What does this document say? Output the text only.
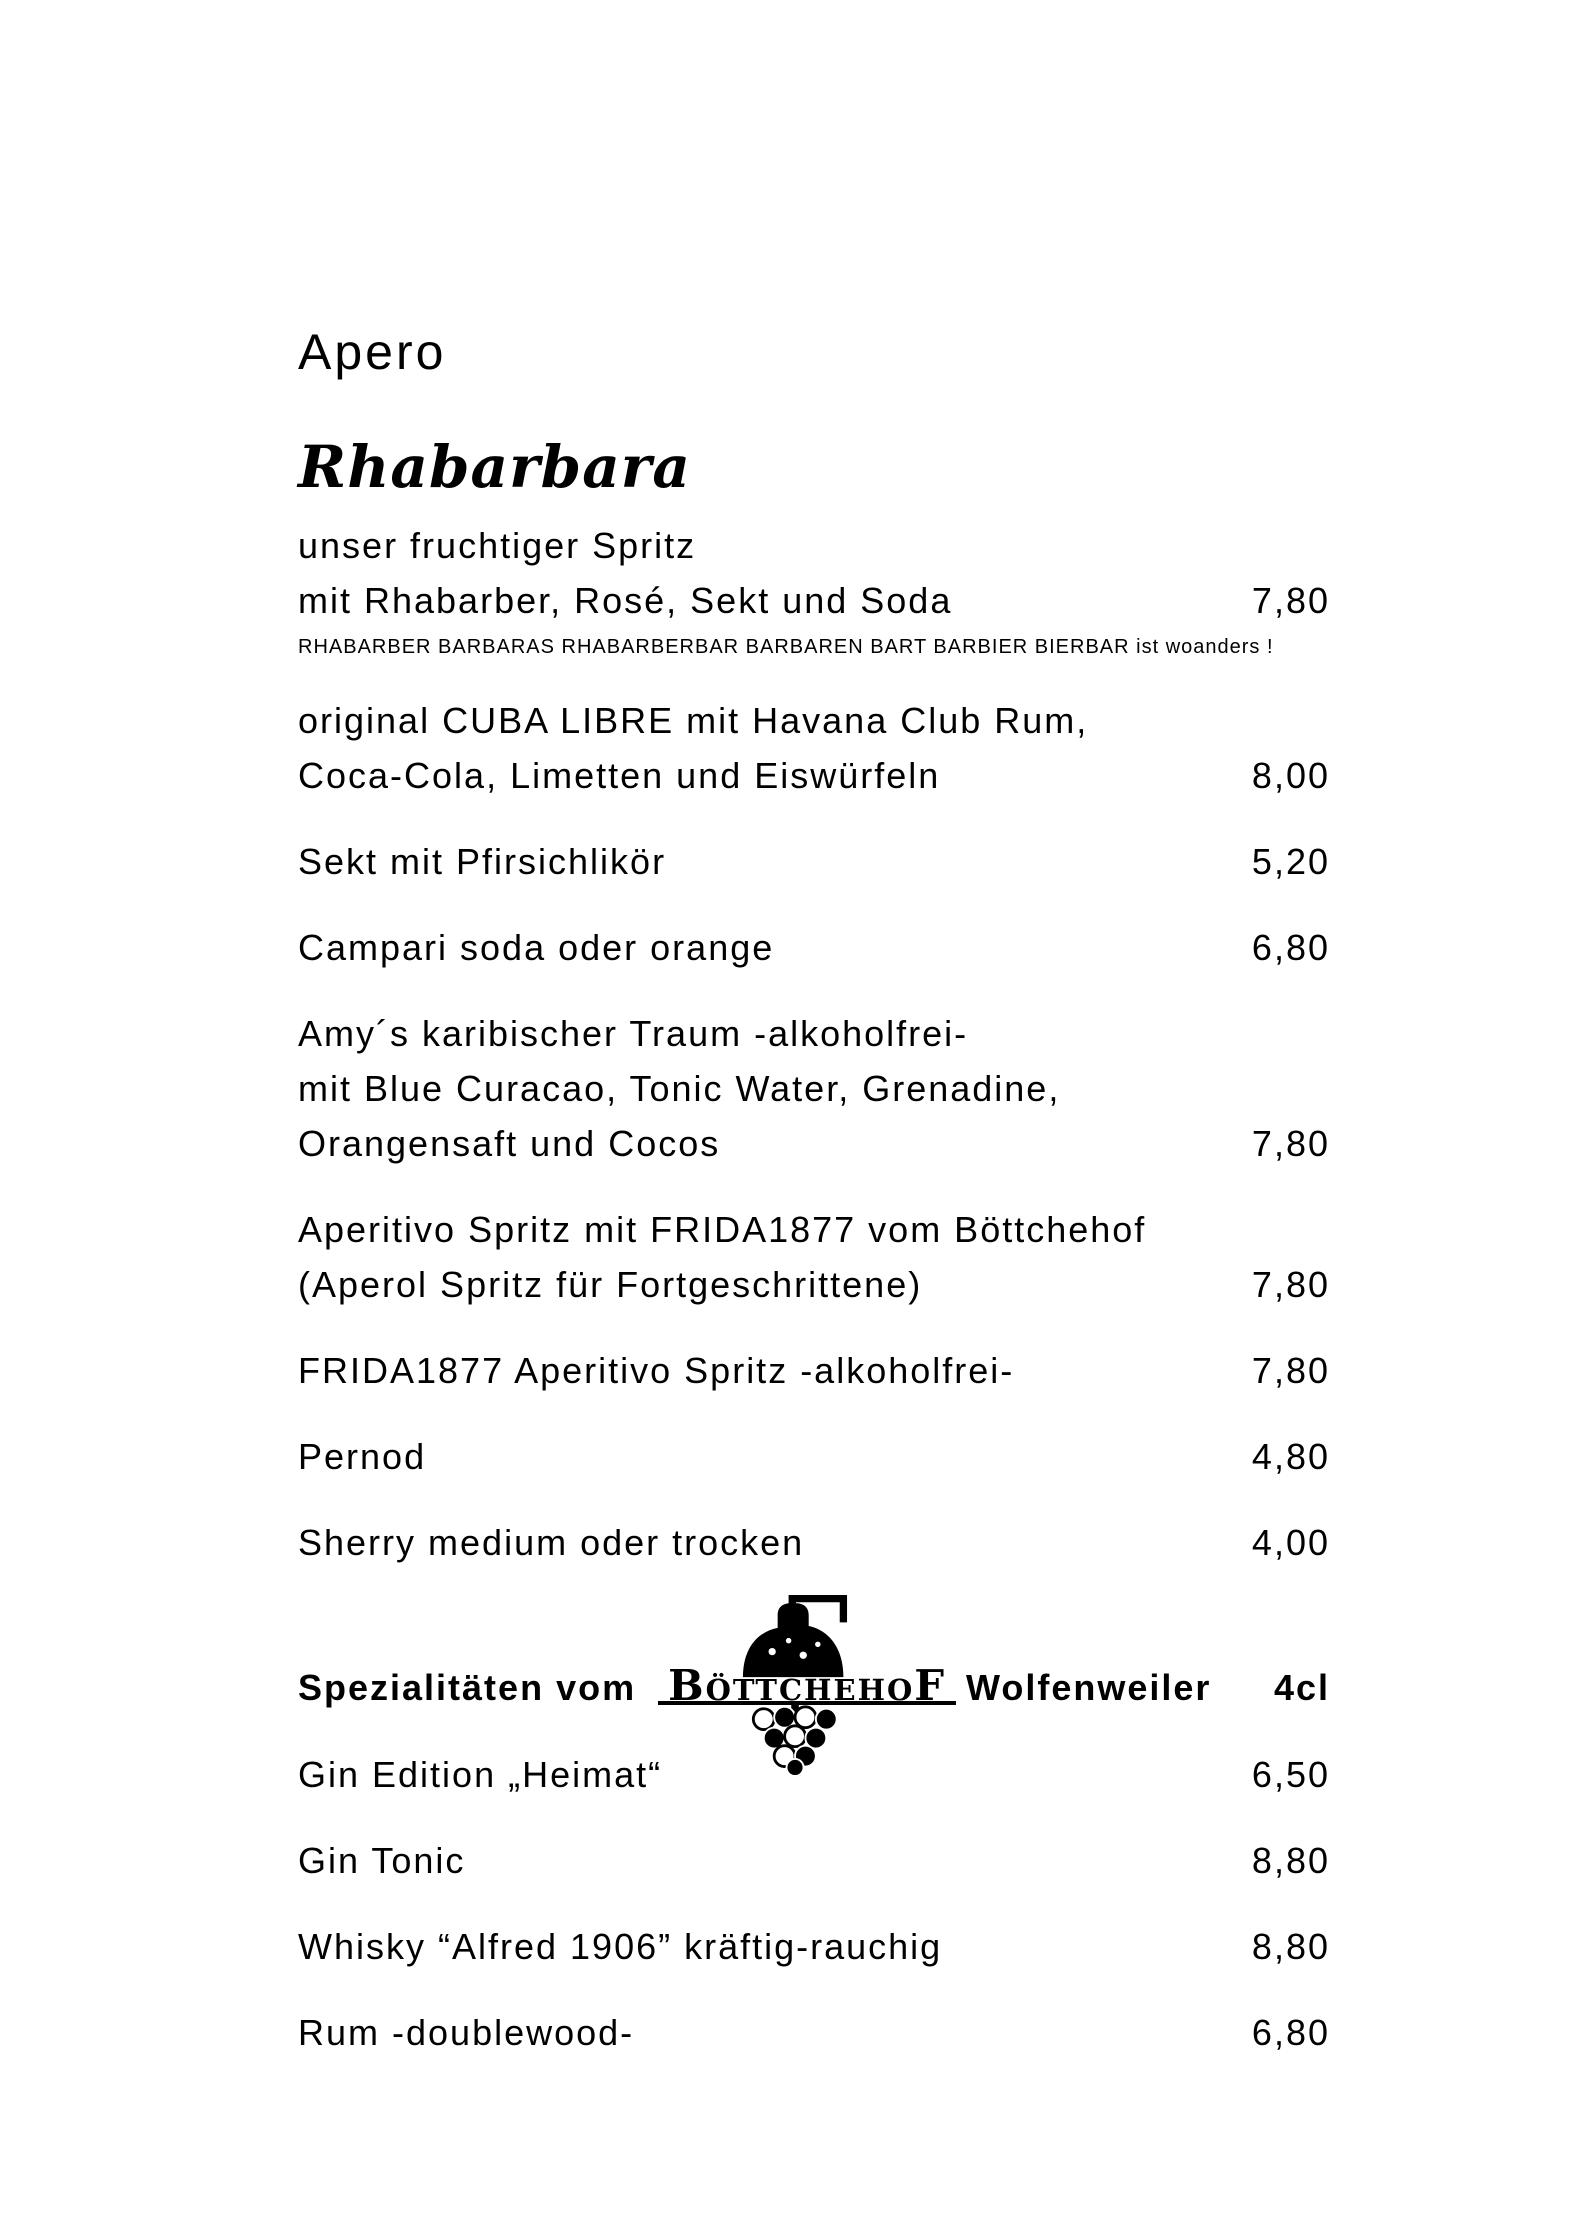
Apero
Rhabarbara
unser fruchtiger Spritz
mit Rhabarber, Rosé, Sekt und Soda	7,80
RHABARBER BARBARAS RHABARBERBAR BARBAREN BART BARBIER BIERBAR ist woanders !
original CUBA LIBRE mit Havana Club Rum,
Coca-Cola, Limetten und Eiswürfeln	8,00
Sekt mit Pfirsichlikör	5,20
Campari soda oder orange	6,80
Amy´s karibischer Traum -alkoholfrei-
mit Blue Curacao, Tonic Water, Grenadine,
Orangensaft und Cocos	7,80
Aperitivo Spritz mit FRIDA1877 vom Böttchehof
(Aperol Spritz für Fortgeschrittene)	7,80
FRIDA1877 Aperitivo Spritz -alkoholfrei-	7,80
Pernod	4,80
Sherry medium oder trocken	4,00
Spezialitäten vom BöttchehoF Wolfenweiler 4cl
Gin Edition „Heimat“	6,50
Gin Tonic	8,80
Whisky “Alfred 1906” kräftig-rauchig	8,80
Rum -doublewood-	6,80
